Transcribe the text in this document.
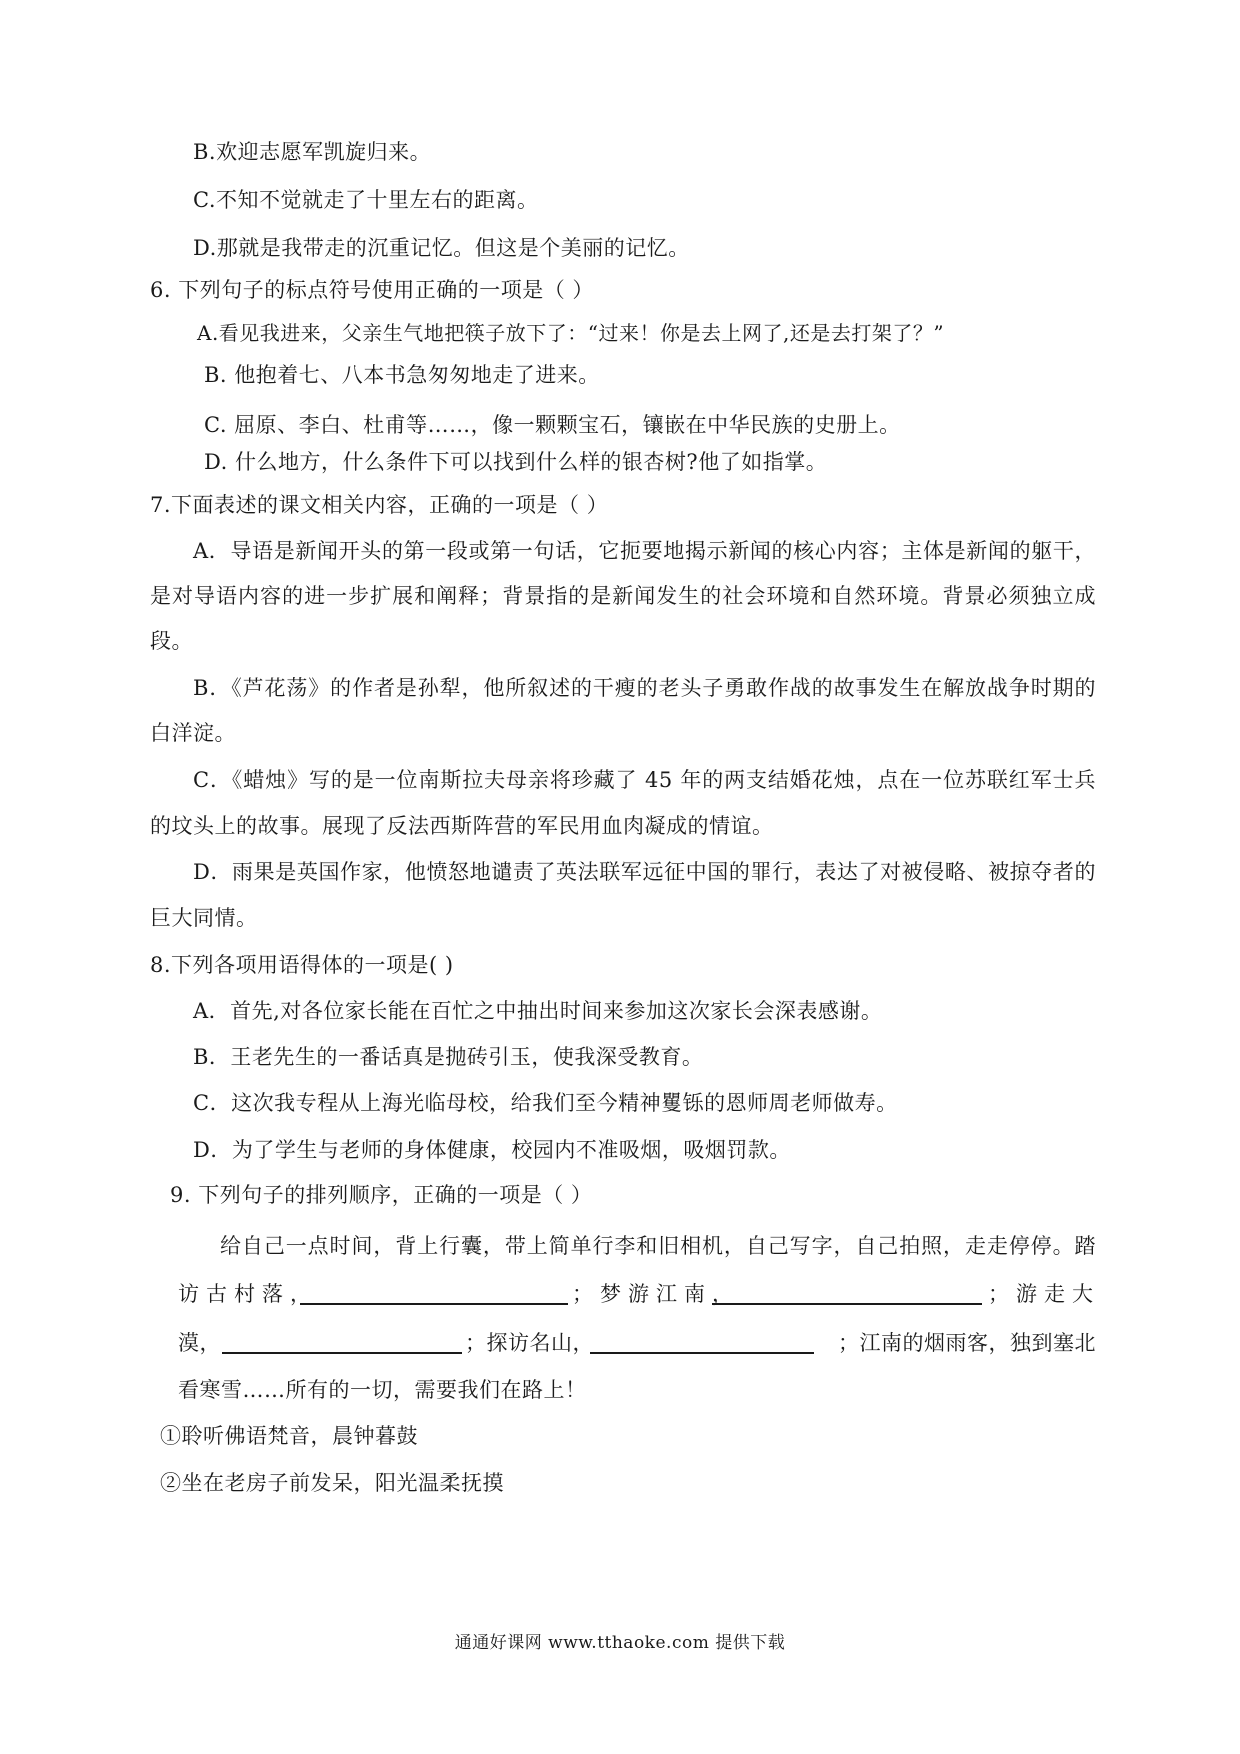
B.欢迎志愿军凯旋归来。
C.不知不觉就走了十里左右的距离。
D.那就是我带走的沉重记忆。但这是个美丽的记忆。
6. 下列句子的标点符号使用正确的一项是（ ）
A.看见我进来，父亲生气地把筷子放下了：“过来！你是去上网了,还是去打架了？”
B. 他抱着七、八本书急匆匆地走了进来。
C. 屈原、李白、杜甫等……，像一颗颗宝石，镶嵌在中华民族的史册上。
D. 什么地方，什么条件下可以找到什么样的银杏树?他了如指掌。
7.下面表述的课文相关内容，正确的一项是（ ）
A．导语是新闻开头的第一段或第一句话，它扼要地揭示新闻的核心内容；主体是新闻的躯干，
是对导语内容的进一步扩展和阐释；背景指的是新闻发生的社会环境和自然环境。背景必须独立成
段。
B．《芦花荡》的作者是孙犁，他所叙述的干瘦的老头子勇敢作战的故事发生在解放战争时期的
白洋淀。
C．《蜡烛》写的是一位南斯拉夫母亲将珍藏了 45 年的两支结婚花烛，点在一位苏联红军士兵
的坟头上的故事。展现了反法西斯阵营的军民用血肉凝成的情谊。
D．雨果是英国作家，他愤怒地谴责了英法联军远征中国的罪行，表达了对被侵略、被掠夺者的
巨大同情。
8.下列各项用语得体的一项是( )
A．首先,对各位家长能在百忙之中抽出时间来参加这次家长会深表感谢。
B．王老先生的一番话真是抛砖引玉，使我深受教育。
C．这次我专程从上海光临母校，给我们至今精神矍铄的恩师周老师做寿。
D．为了学生与老师的身体健康，校园内不准吸烟，吸烟罚款。
9. 下列句子的排列顺序，正确的一项是（ ）
给自己一点时间，背上行囊，带上简单行李和旧相机，自己写字，自己拍照，走走停停。踏
访古村落，	；梦游江南，	；游走大
漠，	；探访名山，	；江南的烟雨客，独到塞北
看寒雪……所有的一切，需要我们在路上！
①聆听佛语梵音，晨钟暮鼓
②坐在老房子前发呆，阳光温柔抚摸
通通好课网 www.tthaoke.com 提供下载
